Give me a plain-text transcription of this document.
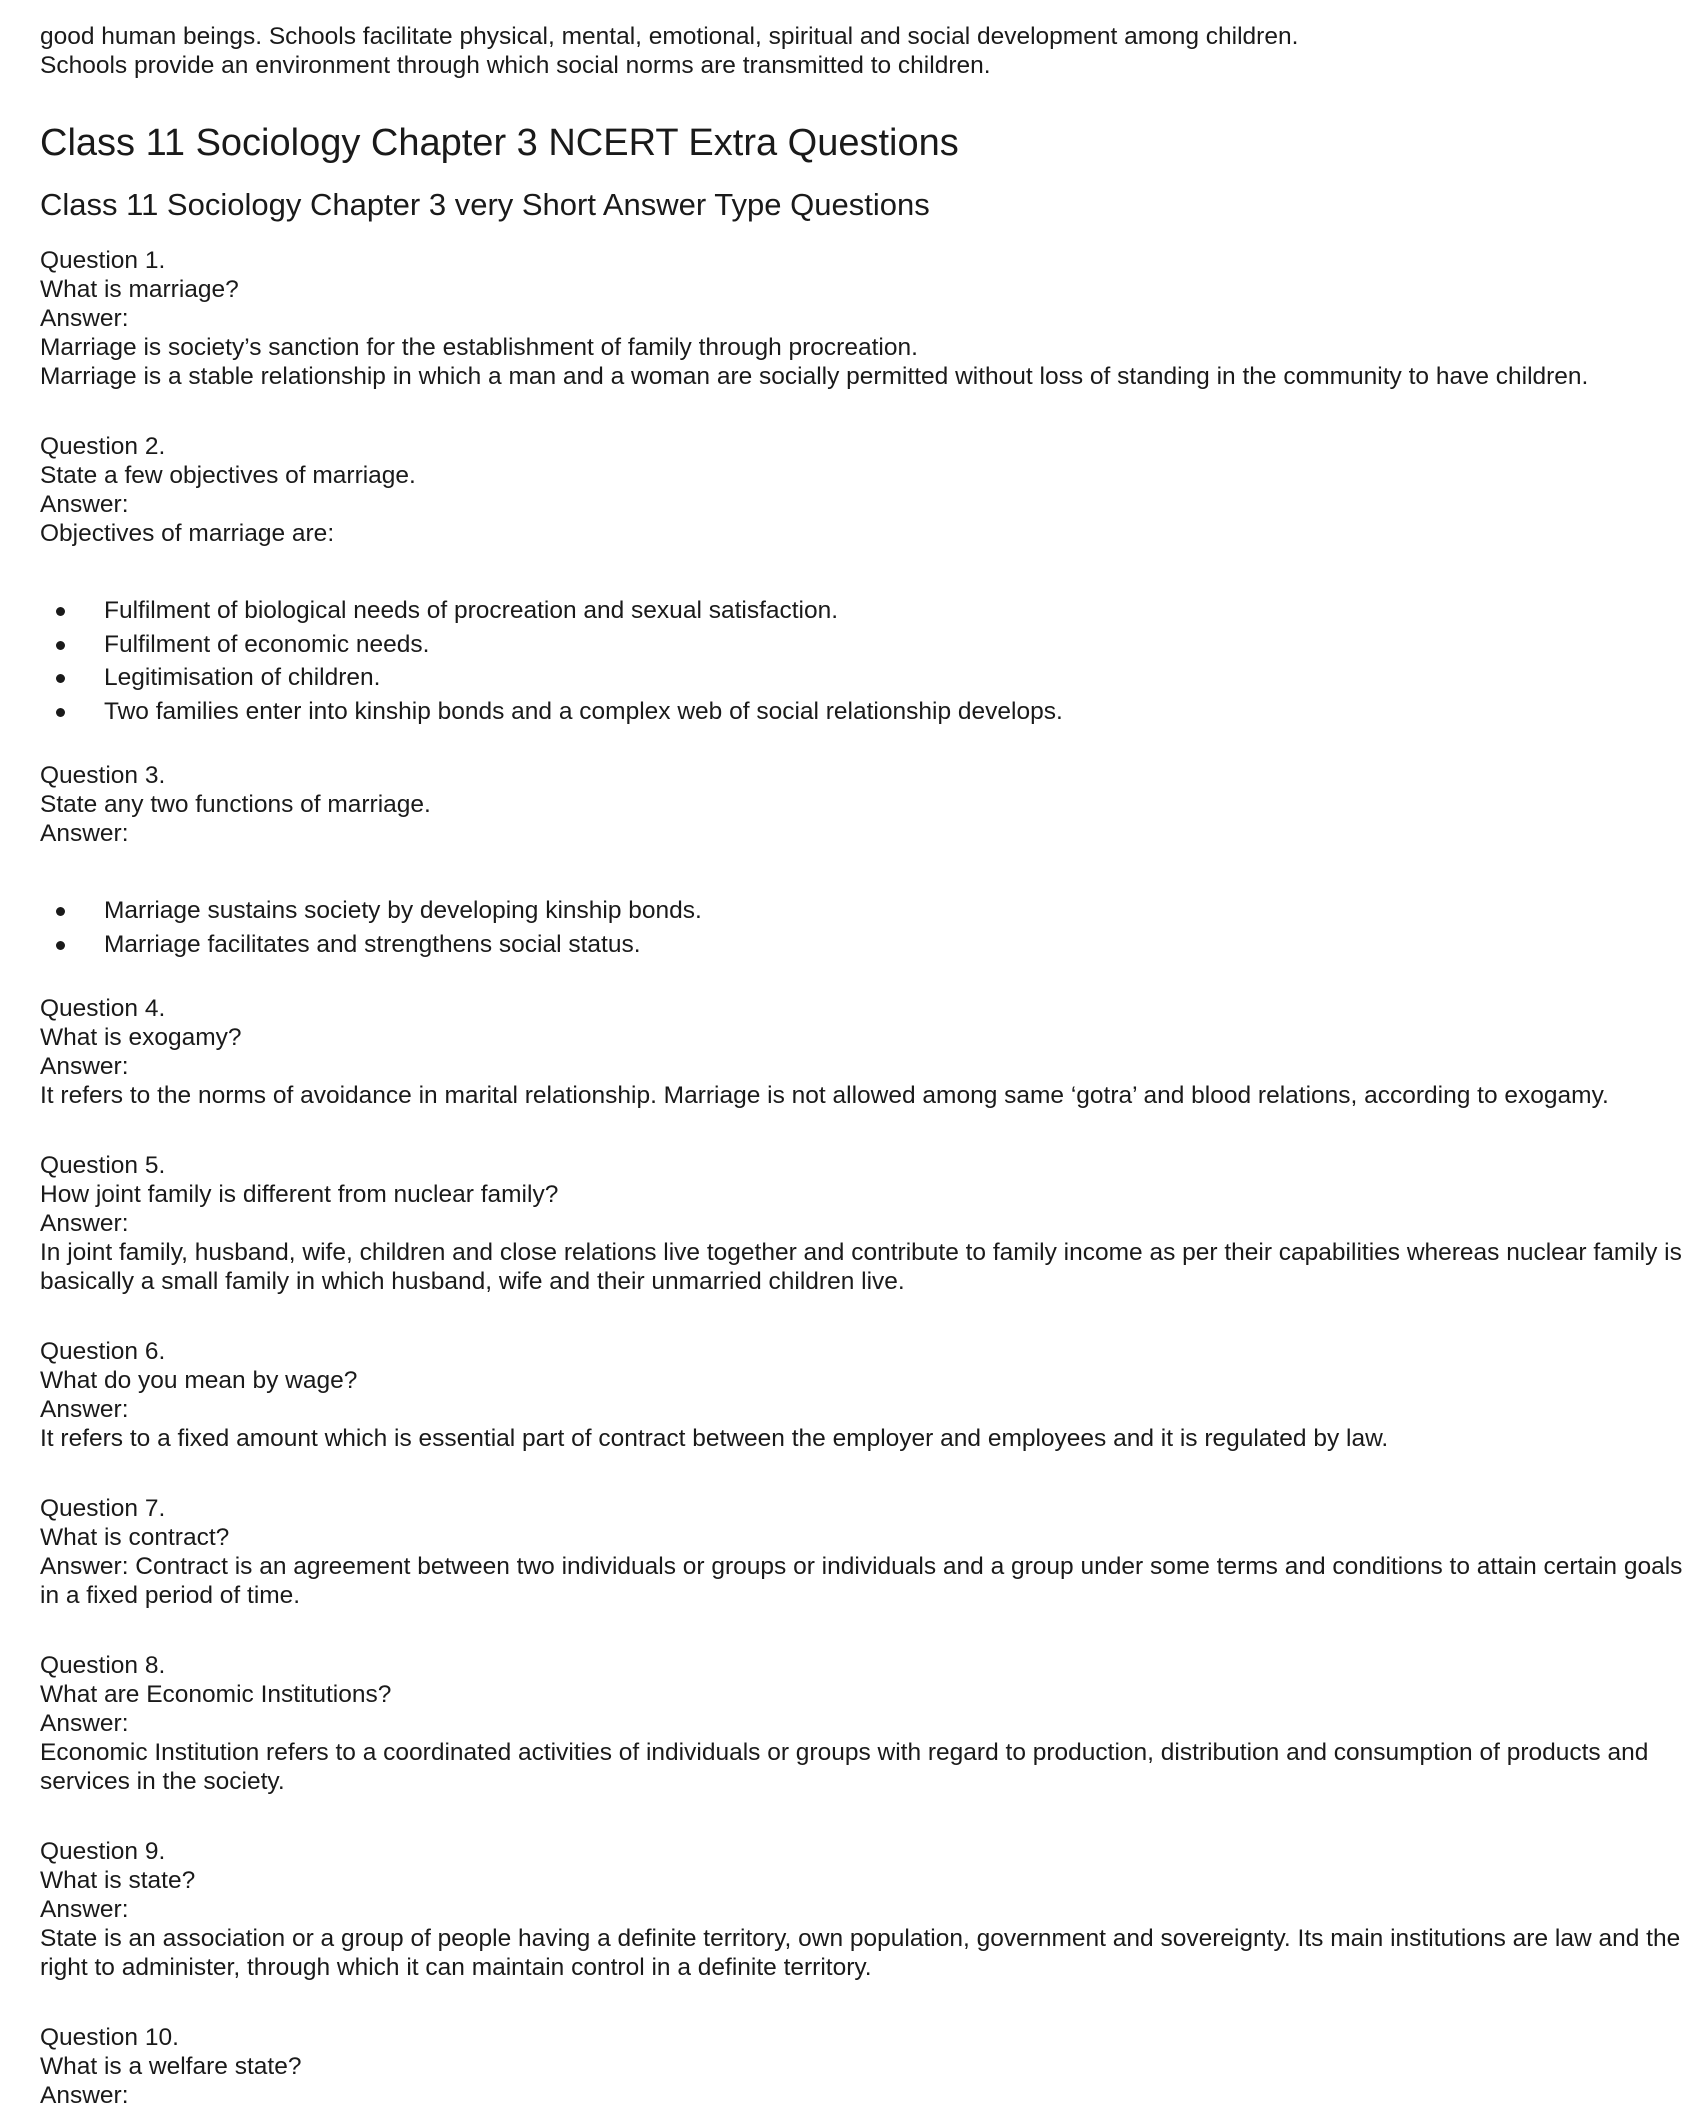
good human beings. Schools facilitate physical, mental, emotional, spiritual and social development among children.

Schools provide an environment through which social norms are transmitted to children.

Class 11 Sociology Chapter 3 NCERT Extra Questions
Class 11 Sociology Chapter 3 very Short Answer Type Questions
Question 1.
What is marriage?
Answer:
Marriage is society’s sanction for the establishment of family through procreation.
Marriage is a stable relationship in which a man and a woman are socially permitted without loss of standing in the community to have children.
Question 2.
State a few objectives of marriage.
Answer:
Objectives of marriage are:
Fulfilment of biological needs of procreation and sexual satisfaction.
Fulfilment of economic needs.
Legitimisation of children.
Two families enter into kinship bonds and a complex web of social relationship develops.
Question 3.
State any two functions of marriage.
Answer:
Marriage sustains society by developing kinship bonds.
Marriage facilitates and strengthens social status.
Question 4.
What is exogamy?
Answer:
It refers to the norms of avoidance in marital relationship. Marriage is not allowed among same ‘gotra’ and blood relations, according to exogamy.
Question 5.
How joint family is different from nuclear family?
Answer:
In joint family, husband, wife, children and close relations live together and contribute to family income as per their capabilities whereas nuclear family is basically a small family in which husband, wife and their unmarried children live.
Question 6.
What do you mean by wage?
Answer:
It refers to a fixed amount which is essential part of contract between the employer and employees and it is regulated by law.
Question 7.
What is contract?
Answer: Contract is an agreement between two individuals or groups or individuals and a group under some terms and conditions to attain certain goals in a fixed period of time.
Question 8.
What are Economic Institutions?
Answer:
Economic Institution refers to a coordinated activities of individuals or groups with regard to production, distribution and consumption of products and services in the society.
Question 9.
What is state?
Answer:
State is an association or a group of people having a definite territory, own population, government and sovereignty. Its main institutions are law and the right to administer, through which it can maintain control in a definite territory.
Question 10.
What is a welfare state?
Answer:
